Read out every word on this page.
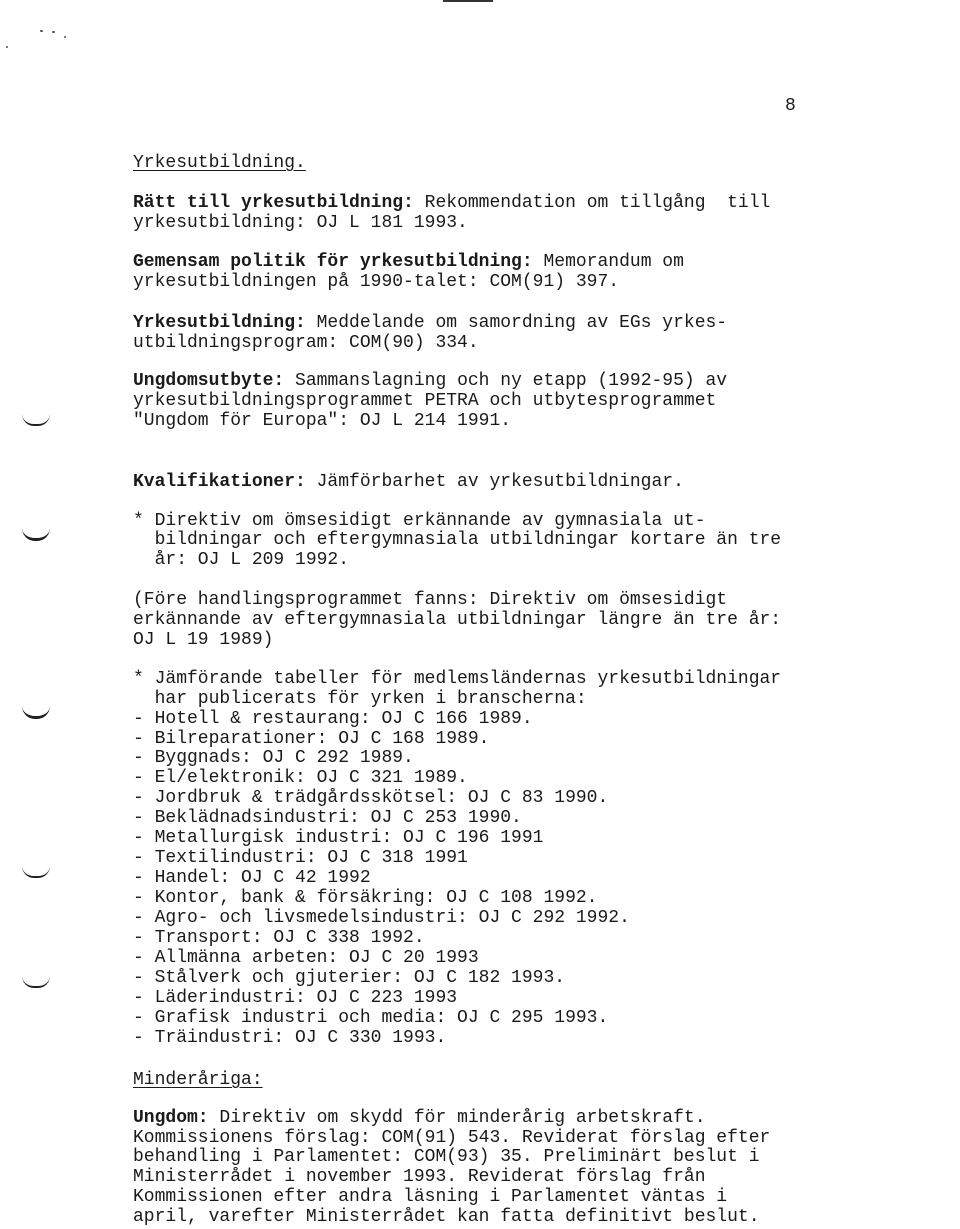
8
Yrkesutbildning.
Rätt till yrkesutbildning: Rekommendation om tillgång  till
yrkesutbildning: OJ L 181 1993.
Gemensam politik för yrkesutbildning: Memorandum om
yrkesutbildningen på 1990-talet: COM(91) 397.
Yrkesutbildning: Meddelande om samordning av EGs yrkes-
utbildningsprogram: COM(90) 334.
Ungdomsutbyte: Sammanslagning och ny etapp (1992-95) av
yrkesutbildningsprogrammet PETRA och utbytesprogrammet
"Ungdom för Europa": OJ L 214 1991.
Kvalifikationer: Jämförbarhet av yrkesutbildningar.
* Direktiv om ömsesidigt erkännande av gymnasiala ut-
bildningar och eftergymnasiala utbildningar kortare än tre
år: OJ L 209 1992.
(Före handlingsprogrammet fanns: Direktiv om ömsesidigt
erkännande av eftergymnasiala utbildningar längre än tre år:
OJ L 19 1989)
* Jämförande tabeller för medlemsländernas yrkesutbildningar
har publicerats för yrken i branscherna:
- Hotell & restaurang: OJ C 166 1989.
- Bilreparationer: OJ C 168 1989.
- Byggnads: OJ C 292 1989.
- El/elektronik: OJ C 321 1989.
- Jordbruk & trädgårdsskötsel: OJ C 83 1990.
- Beklädnadsindustri: OJ C 253 1990.
- Metallurgisk industri: OJ C 196 1991
- Textilindustri: OJ C 318 1991
- Handel: OJ C 42 1992
- Kontor, bank & försäkring: OJ C 108 1992.
- Agro- och livsmedelsindustri: OJ C 292 1992.
- Transport: OJ C 338 1992.
- Allmänna arbeten: OJ C 20 1993
- Stålverk och gjuterier: OJ C 182 1993.
- Läderindustri: OJ C 223 1993
- Grafisk industri och media: OJ C 295 1993.
- Träindustri: OJ C 330 1993.
Minderåriga:
Ungdom: Direktiv om skydd för minderårig arbetskraft.
Kommissionens förslag: COM(91) 543. Reviderat förslag efter
behandling i Parlamentet: COM(93) 35. Preliminärt beslut i
Ministerrådet i november 1993. Reviderat förslag från
Kommissionen efter andra läsning i Parlamentet väntas i
april, varefter Ministerrådet kan fatta definitivt beslut.
